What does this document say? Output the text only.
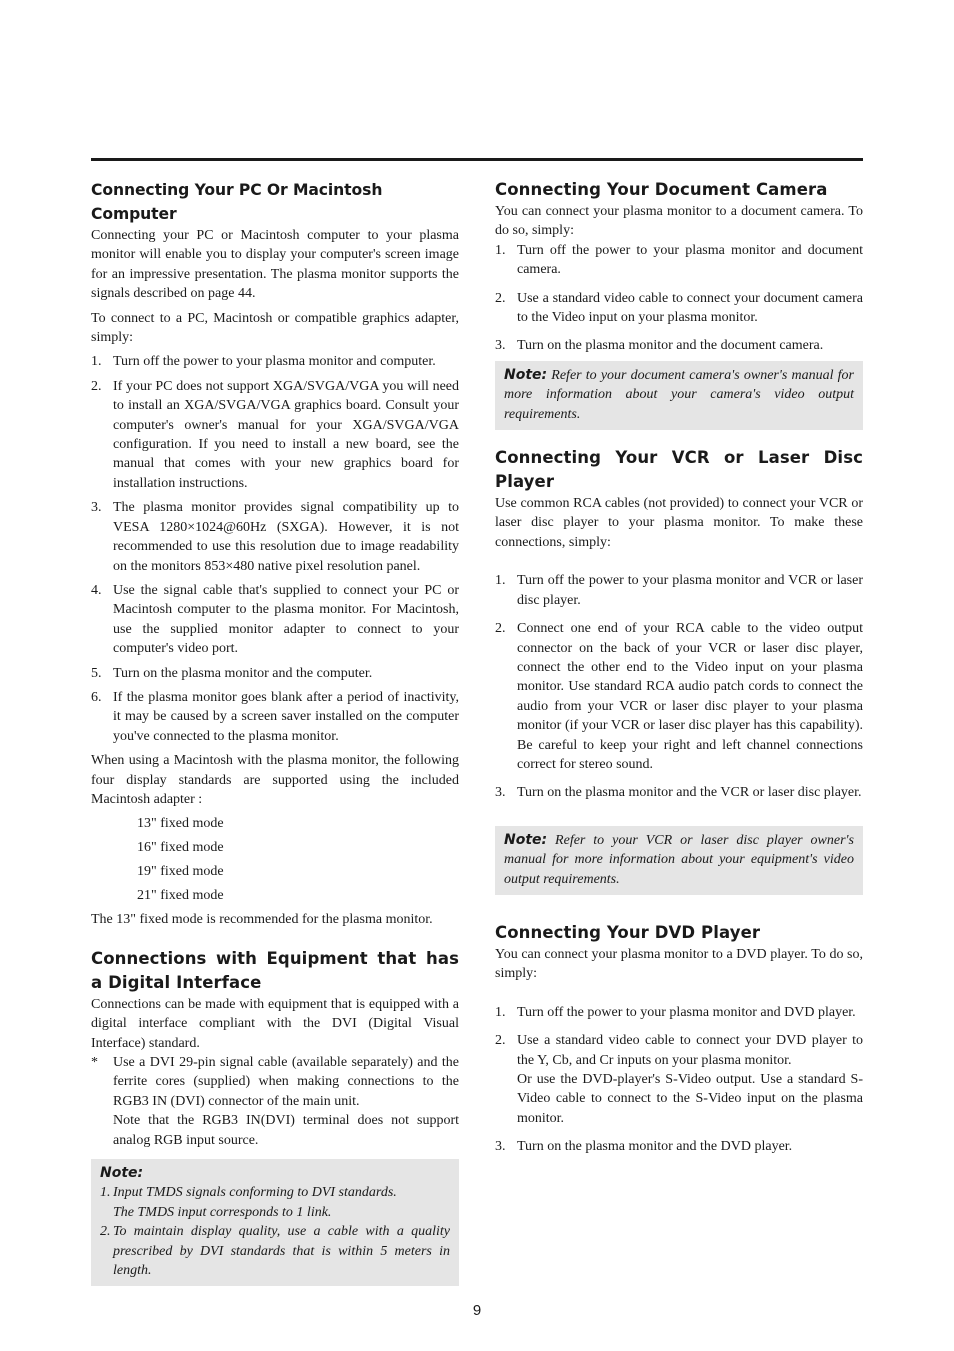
Connecting Your PC Or Macintosh Computer

Connecting your PC or Macintosh computer to your plasma monitor will enable you to display your computer's screen image for an impressive presentation. The plasma monitor supports the signals described on page 44.

To connect to a PC, Macintosh or compatible graphics adapter, simply:

1. Turn off the power to your plasma monitor and computer.
2. If your PC does not support XGA/SVGA/VGA you will need to install an XGA/SVGA/VGA graphics board. Consult your computer's owner's manual for your XGA/SVGA/VGA configuration. If you need to install a new board, see the manual that comes with your new graphics board for installation instructions.
3. The plasma monitor provides signal compatibility up to VESA 1280×1024@60Hz (SXGA). However, it is not recommended to use this resolution due to image readability on the monitors 853×480 native pixel resolution panel.
4. Use the signal cable that's supplied to connect your PC or Macintosh computer to the plasma monitor. For Macintosh, use the supplied monitor adapter to connect to your computer's video port.
5. Turn on the plasma monitor and the computer.
6. If the plasma monitor goes blank after a period of inactivity, it may be caused by a screen saver installed on the computer you've connected to the plasma monitor.

When using a Macintosh with the plasma monitor, the following four display standards are supported using the included Macintosh adapter :

13" fixed mode
16" fixed mode
19" fixed mode
21" fixed mode

The 13" fixed mode is recommended for the plasma monitor.

Connections with Equipment that has a Digital Interface

Connections can be made with equipment that is equipped with a digital interface compliant with the DVI (Digital Visual Interface) standard.

* Use a DVI 29-pin signal cable (available separately) and the ferrite cores (supplied) when making connections to the RGB3 IN (DVI) connector of the main unit.
Note that the RGB3 IN(DVI) terminal does not support analog RGB input source.
Note:
1. Input TMDS signals conforming to DVI standards.
The TMDS input corresponds to 1 link.
2. To maintain display quality, use a cable with a quality prescribed by DVI standards that is within 5 meters in length.
Connecting Your Document Camera

You can connect your plasma monitor to a document camera. To do so, simply:

1. Turn off the power to your plasma monitor and document camera.
2. Use a standard video cable to connect your document camera to the Video input on your plasma monitor.
3. Turn on the plasma monitor and the document camera.
Note: Refer to your document camera's owner's manual for more information about your camera's video output requirements.
Connecting Your VCR or Laser Disc Player

Use common RCA cables (not provided) to connect your VCR or laser disc player to your plasma monitor. To make these connections, simply:

1. Turn off the power to your plasma monitor and VCR or laser disc player.
2. Connect one end of your RCA cable to the video output connector on the back of your VCR or laser disc player, connect the other end to the Video input on your plasma monitor. Use standard RCA audio patch cords to connect the audio from your VCR or laser disc player to your plasma monitor (if your VCR or laser disc player has this capability). Be careful to keep your right and left channel connections correct for stereo sound.
3. Turn on the plasma monitor and the VCR or laser disc player.
Note: Refer to your VCR or laser disc player owner's manual for more information about your equipment's video output requirements.
Connecting Your DVD Player

You can connect your plasma monitor to a DVD player. To do so, simply:

1. Turn off the power to your plasma monitor and DVD player.
2. Use a standard video cable to connect your DVD player to the Y, Cb, and Cr inputs on your plasma monitor.
Or use the DVD-player's S-Video output. Use a standard S-Video cable to connect to the S-Video input on the plasma monitor.
3. Turn on the plasma monitor and the DVD player.
9
